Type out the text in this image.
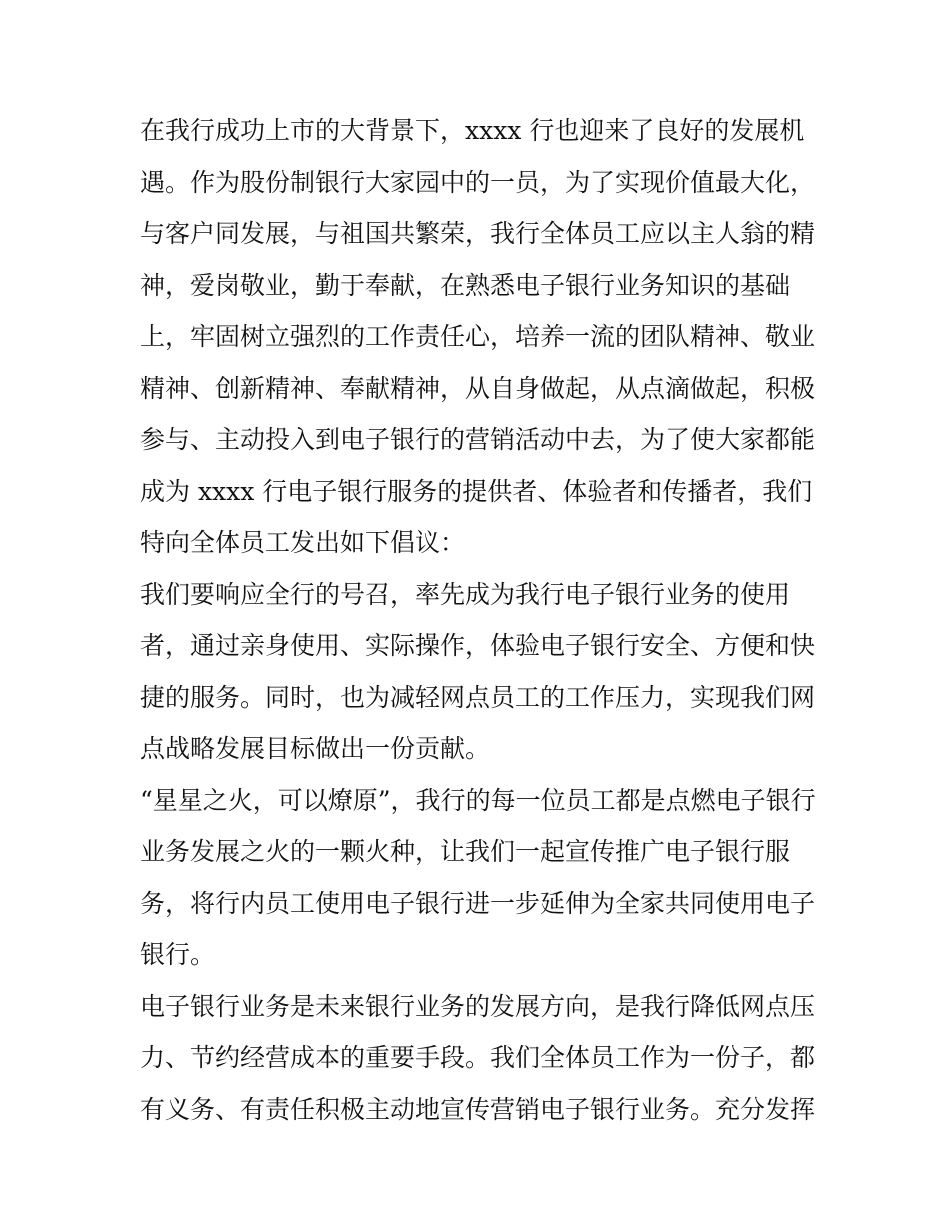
在我行成功上市的大背景下，xxxx 行也迎来了良好的发展机
遇。作为股份制银行大家园中的一员，为了实现价值最大化，
与客户同发展，与祖国共繁荣，我行全体员工应以主人翁的精
神，爱岗敬业，勤于奉献，在熟悉电子银行业务知识的基础
上，牢固树立强烈的工作责任心，培养一流的团队精神、敬业
精神、创新精神、奉献精神，从自身做起，从点滴做起，积极
参与、主动投入到电子银行的营销活动中去，为了使大家都能
成为 xxxx 行电子银行服务的提供者、体验者和传播者，我们
特向全体员工发出如下倡议：
我们要响应全行的号召，率先成为我行电子银行业务的使用
者，通过亲身使用、实际操作，体验电子银行安全、方便和快
捷的服务。同时，也为减轻网点员工的工作压力，实现我们网
点战略发展目标做出一份贡献。
“星星之火，可以燎原”，我行的每一位员工都是点燃电子银行
业务发展之火的一颗火种，让我们一起宣传推广电子银行服
务，将行内员工使用电子银行进一步延伸为全家共同使用电子
银行。
电子银行业务是未来银行业务的发展方向，是我行降低网点压
力、节约经营成本的重要手段。我们全体员工作为一份子，都
有义务、有责任积极主动地宣传营销电子银行业务。充分发挥
